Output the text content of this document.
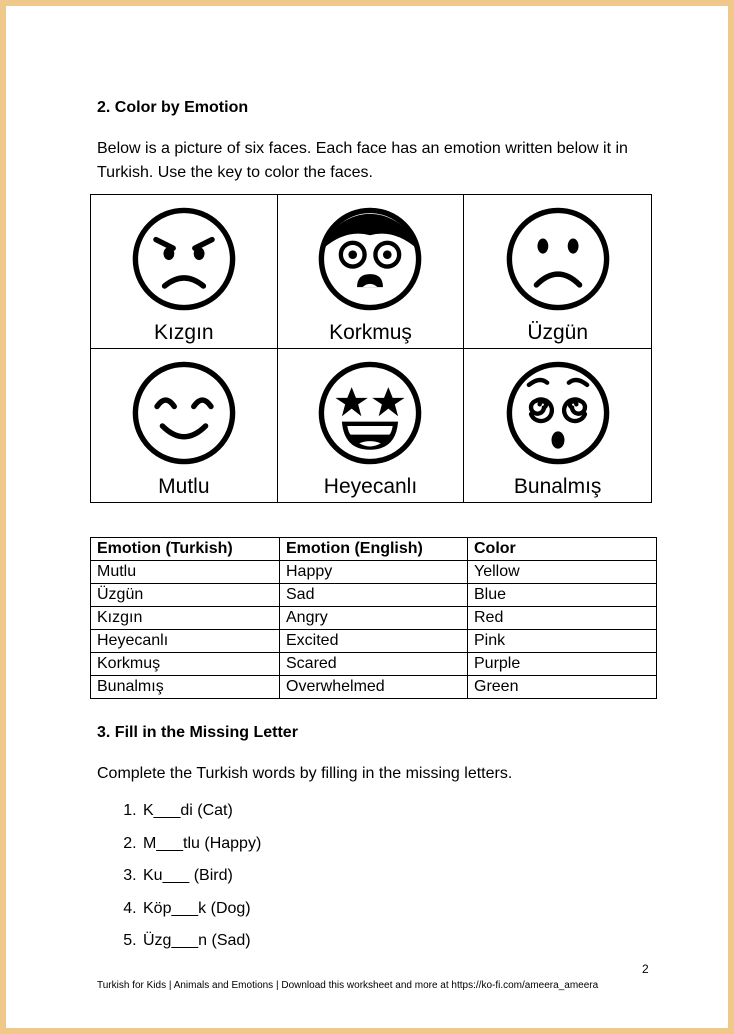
2. Color by Emotion
Below is a picture of six faces. Each face has an emotion written below it in Turkish. Use the key to color the faces.
Kızgın	Korkmuş	Üzgün
Mutlu	Heyecanlı	Bunalmış
Emotion (Turkish)	Emotion (English)	Color
Mutlu	Happy	Yellow
Üzgün	Sad	Blue
Kızgın	Angry	Red
Heyecanlı	Excited	Pink
Korkmuş	Scared	Purple
Bunalmış	Overwhelmed	Green
3. Fill in the Missing Letter
Complete the Turkish words by filling in the missing letters.
1. K___di (Cat)
2. M___tlu (Happy)
3. Ku___ (Bird)
4. Köp___k (Dog)
5. Üzg___n (Sad)
2
Turkish for Kids | Animals and Emotions | Download this worksheet and more at https://ko-fi.com/ameera_ameera
